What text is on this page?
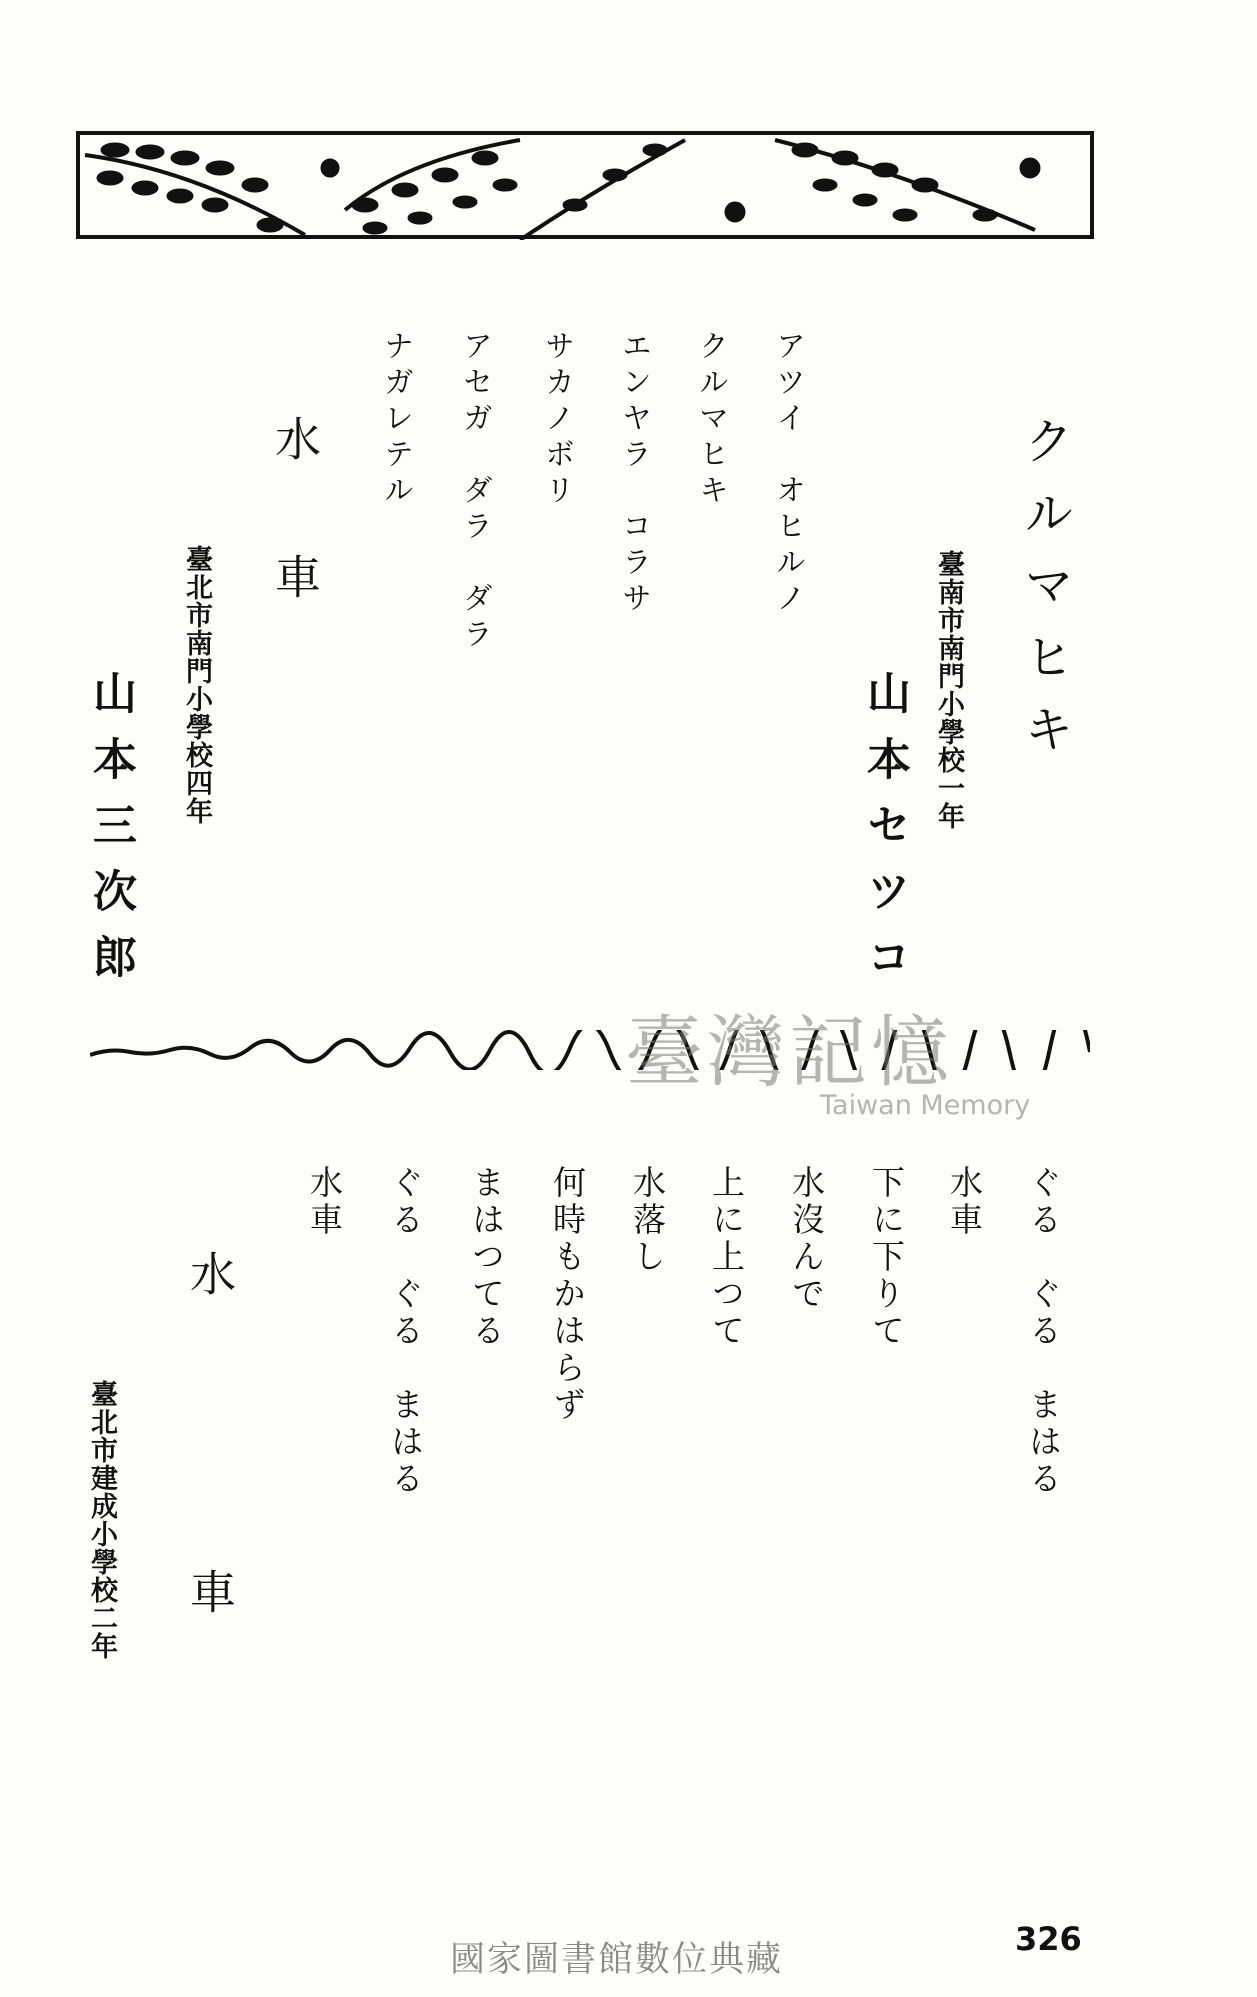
クルマヒキ
臺南市南門小學校一年
山本セツコ
アツイ　オヒルノ
クルマヒキ
エンヤラ　コラサ
サカノボリ
アセガ　ダラ　ダラ
ナガレテル
水　　車
臺北市南門小學校四年
山本三次郎
臺灣記憶
Taiwan Memory
ぐる　ぐる　まはる
水車
下に下りて
水沒んで
上に上つて
水落し
何時もかはらず
まはつてる
ぐる　ぐる　まはる
水車
水　　車
臺北市建成小學校二年
國家圖書館數位典藏
326
